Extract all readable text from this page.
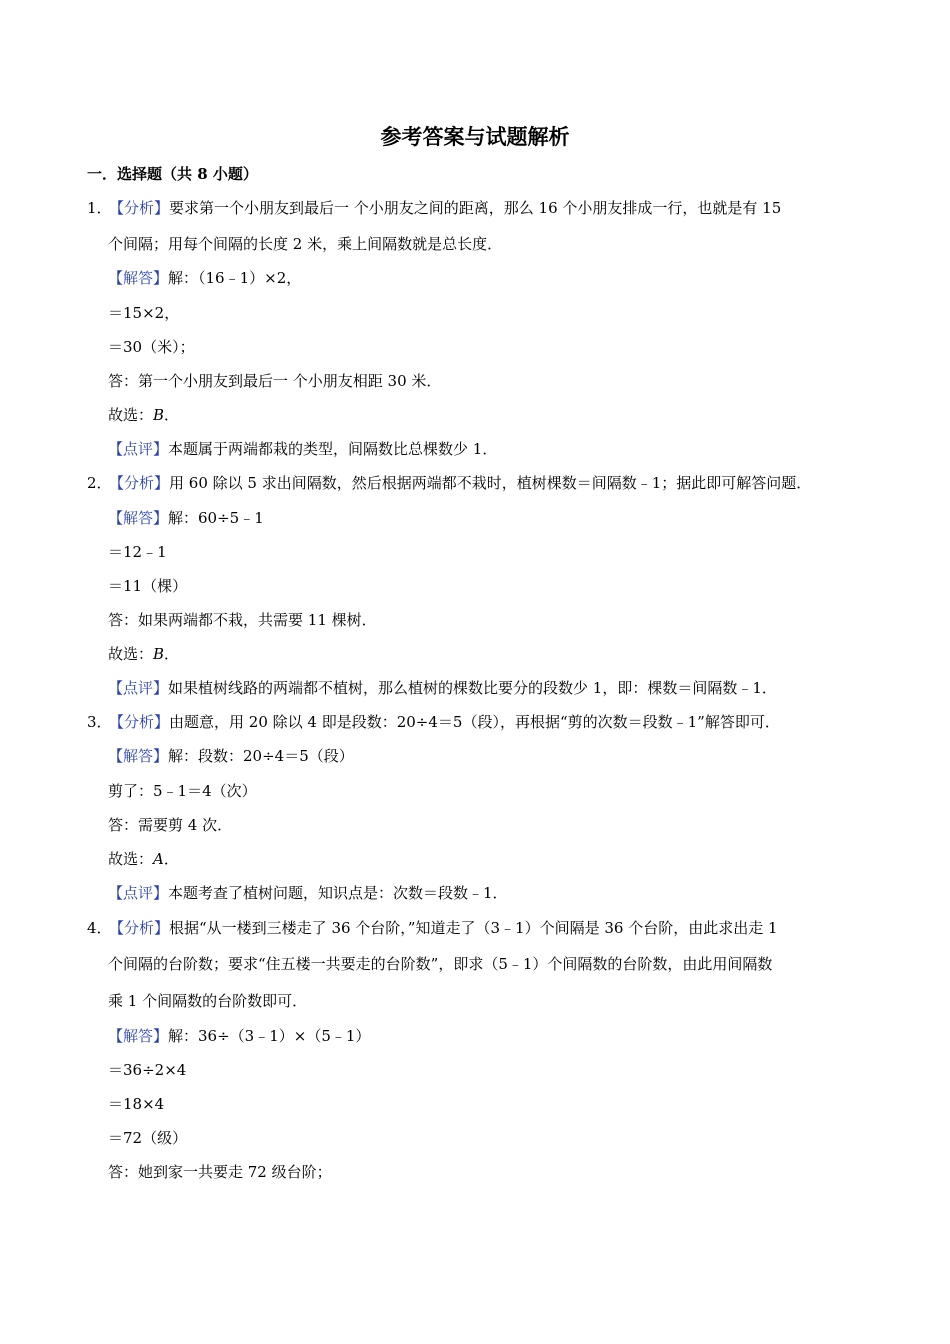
参考答案与试题解析
一．选择题（共 8 小题）
1．【分析】要求第一个小朋友到最后一 个小朋友之间的距离，那么 16 个小朋友排成一行，也就是有 15
个间隔；用每个间隔的长度 2 米，乘上间隔数就是总长度．
【解答】解：（16﹣1）×2，
＝15×2，
＝30（米）；
答：第一个小朋友到最后一 个小朋友相距 30 米．
故选：B．
【点评】本题属于两端都栽的类型，间隔数比总棵数少 1．
2．【分析】用 60 除以 5 求出间隔数，然后根据两端都不栽时，植树棵数＝间隔数﹣1；据此即可解答问题．
【解答】解：60÷5﹣1
＝12﹣1
＝11（棵）
答：如果两端都不栽，共需要 11 棵树．
故选：B．
【点评】如果植树线路的两端都不植树，那么植树的棵数比要分的段数少 1，即：棵数＝间隔数﹣1．
3．【分析】由题意，用 20 除以 4 即是段数：20÷4＝5（段），再根据“剪的次数＝段数﹣1”解答即可．
【解答】解：段数：20÷4＝5（段）
剪了：5﹣1＝4（次）
答：需要剪 4 次．
故选：A．
【点评】本题考查了植树问题，知识点是：次数＝段数﹣1．
4．【分析】根据“从一楼到三楼走了 36 个台阶，”知道走了（3﹣1）个间隔是 36 个台阶，由此求出走 1
个间隔的台阶数；要求“住五楼一共要走的台阶数”，即求（5﹣1）个间隔数的台阶数，由此用间隔数
乘 1 个间隔数的台阶数即可．
【解答】解：36÷（3﹣1）×（5﹣1）
＝36÷2×4
＝18×4
＝72（级）
答：她到家一共要走 72 级台阶；
